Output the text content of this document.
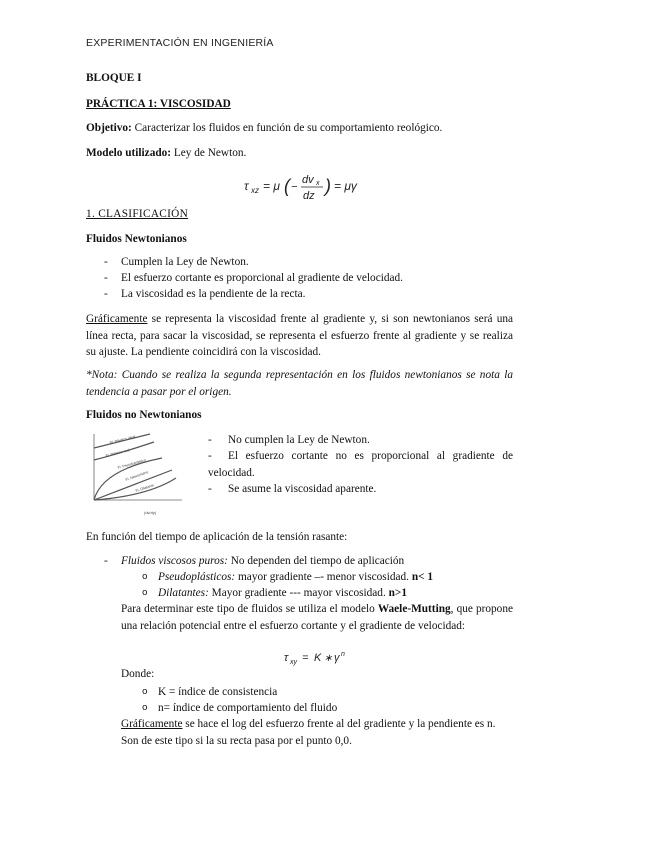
EXPERIMENTACIÓN EN INGENIERÍA
BLOQUE I
PRÁCTICA 1: VISCOSIDAD
Objetivo: Caracterizar los fluidos en función de su comportamiento reológico.
Modelo utilizado: Ley de Newton.
τ xz = μ ( −
dv x
dz ) = μγ
1. CLASIFICACIÓN
Fluidos Newtonianos
-	Cumplen la Ley de Newton.
-	El esfuerzo cortante es proporcional al gradiente de velocidad.
-	La viscosidad es la pendiente de la recta.
Gráficamente se representa la viscosidad frente al gradiente y, si son newtonianos será una línea recta, para sacar la viscosidad, se representa el esfuerzo frente al gradiente y se realiza su ajuste. La pendiente coincidirá con la viscosidad.
*Nota: Cuando se realiza la segunda representación en los fluidos newtonianos se nota la tendencia a pasar por el origen.
Fluidos no Newtonianos
Pl. Plástico ideal
Fl. Plástico real
Fl. Pseudoplástico
Fl. Newtoniano
Fl. Dilatante
(dv/dy)
-	No cumplen la Ley de Newton.
-	El esfuerzo cortante no es proporcional al gradiente de velocidad.
-	Se asume la viscosidad aparente.
En función del tiempo de aplicación de la tensión rasante:
-	Fluidos viscosos puros: No dependen del tiempo de aplicación
o Pseudoplásticos: mayor gradiente –- menor viscosidad. n< 1
o Dilatantes: Mayor gradiente --- mayor viscosidad. n>1
Para determinar este tipo de fluidos se utiliza el modelo Waele-Mutting, que propone una relación potencial entre el esfuerzo cortante y el gradiente de velocidad:
τ xy = K ∗ γ n
Donde:
o K = índice de consistencia
o n= índice de comportamiento del fluido
Gráficamente se hace el log del esfuerzo frente al del gradiente y la pendiente es n. Son de este tipo si la su recta pasa por el punto 0,0.
